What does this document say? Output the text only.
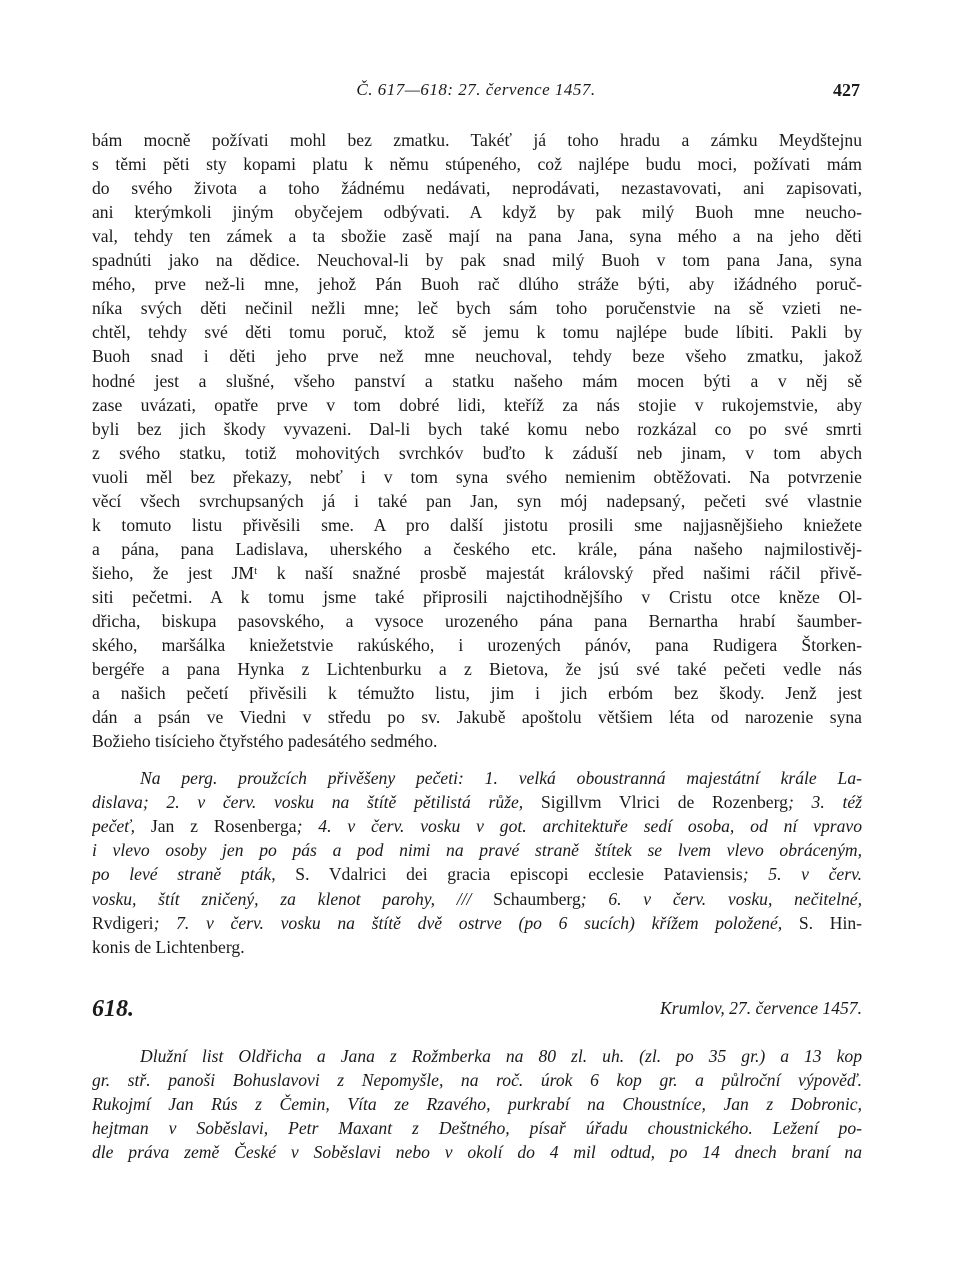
Č. 617—618: 27. července 1457.	427
bám mocně požívati mohl bez zmatku. Takéť já toho hradu a zámku Meydštejnu
s těmi pěti sty kopami platu k němu stúpeného, což najlépe budu moci, požívati mám
do svého života a toho žádnému nedávati, neprodávati, nezastavovati, ani zapisovati,
ani kterýmkoli jiným obyčejem odbývati. A když by pak milý Buoh mne neucho-
val, tehdy ten zámek a ta sbožie zasě mají na pana Jana, syna mého a na jeho děti
spadnúti jako na dědice. Neuchoval-li by pak snad milý Buoh v tom pana Jana, syna
mého, prve než-li mne, jehož Pán Buoh rač dlúho stráže býti, aby ižádného poruč-
níka svých děti nečinil nežli mne; leč bych sám toho poručenstvie na sě vzieti ne-
chtěl, tehdy své děti tomu poruč, ktož sě jemu k tomu najlépe bude líbiti. Pakli by
Buoh snad i děti jeho prve než mne neuchoval, tehdy beze všeho zmatku, jakož
hodné jest a slušné, všeho panství a statku našeho mám mocen býti a v něj sě
zase uvázati, opatře prve v tom dobré lidi, kteříž za nás stojie v rukojemstvie, aby
byli bez jich škody vyvazeni. Dal-li bych také komu nebo rozkázal co po své smrti
z svého statku, totiž mohovitých svrchkóv buďto k záduší neb jinam, v tom abych
vuoli měl bez překazy, nebť i v tom syna svého nemienim obtěžovati. Na potvrzenie
věcí všech svrchupsaných já i také pan Jan, syn mój nadepsaný, pečeti své vlastnie
k tomuto listu přivěsili sme. A pro další jistotu prosili sme najjasnějšieho kniežete
a pána, pana Ladislava, uherského a českého etc. krále, pána našeho najmilostivěj-
šieho, že jest JMᵗ k naší snažné prosbě majestát královský před našimi ráčil přivě-
siti pečetmi. A k tomu jsme také připrosili najctihodnějšího v Cristu otce kněze Ol-
dřicha, biskupa pasovského, a vysoce urozeného pána pana Bernartha hrabí šaumber-
ského, maršálka kniežetstvie rakúského, i urozených pánóv, pana Rudigera Štorken-
bergéře a pana Hynka z Lichtenburku a z Bietova, že jsú své také pečeti vedle nás
a našich pečetí přivěsili k témužto listu, jim i jich erbóm bez škody. Jenž jest
dán a psán ve Viedni v středu po sv. Jakubě apoštolu většiem léta od narozenie syna
Božieho tisícieho čtyřstého padesátého sedmého.
Na perg. proužcích přivěšeny pečeti: 1. velká oboustranná majestátní krále La-
dislava; 2. v červ. vosku na štítě pětilistá růže, Sigillvm Vlrici de Rozenberg; 3. též
pečeť, Jan z Rosenberga; 4. v červ. vosku v got. architektuře sedí osoba, od ní vpravo
i vlevo osoby jen po pás a pod nimi na pravé straně štítek se lvem vlevo obráceným,
po levé straně pták, S. Vdalrici dei gracia episcopi ecclesie Pataviensis; 5. v červ.
vosku, štít zničený, za klenot parohy, /// Schaumberg; 6. v červ. vosku, nečitelné,
Rvdigeri; 7. v červ. vosku na štítě dvě ostrve (po 6 sucích) křížem položené, S. Hin-
konis de Lichtenberg.
618.	Krumlov, 27. července 1457.
Dlužní list Oldřicha a Jana z Rožmberka na 80 zl. uh. (zl. po 35 gr.) a 13 kop
gr. stř. panoši Bohuslavovi z Nepomyšle, na roč. úrok 6 kop gr. a půlroční výpověď.
Rukojmí Jan Rús z Čemin, Víta ze Rzavého, purkrabí na Choustníce, Jan z Dobronic,
hejtman v Soběslavi, Petr Maxant z Deštného, písař úřadu choustnického. Ležení po-
dle práva země České v Soběslavi nebo v okolí do 4 mil odtud, po 14 dnech braní na
